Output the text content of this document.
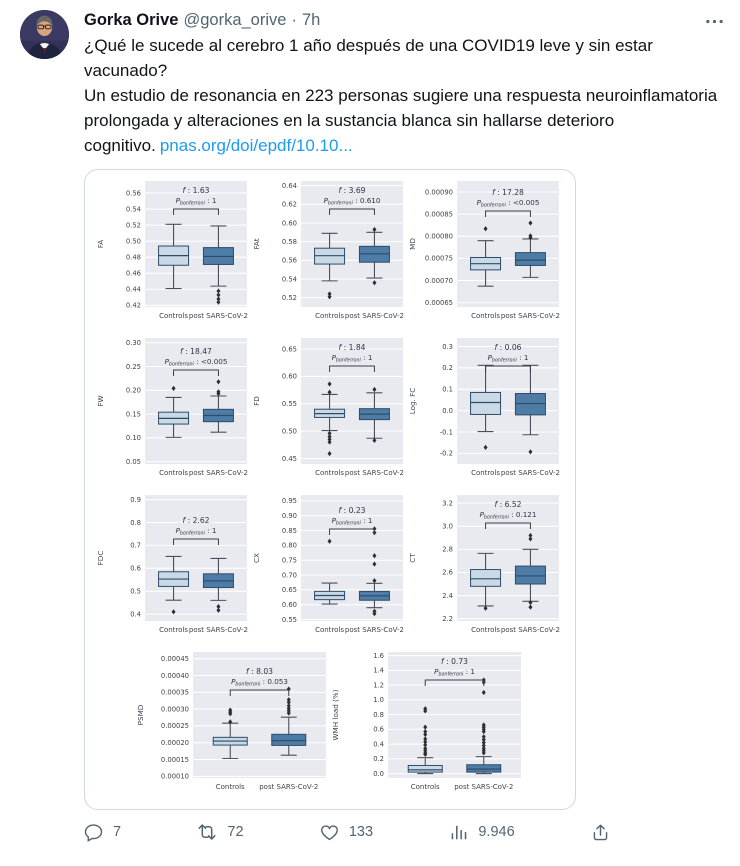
Gorka Orive @gorka_orive · 7h
¿Qué le sucede al cerebro 1 año después de una COVID19 leve y sin estar vacunado?
Un estudio de resonancia en 223 personas sugiere una respuesta neuroinflamatoria prolongada y alteraciones en la sustancia blanca sin hallarse deterioro cognitivo. pnas.org/doi/epdf/10.10...
0.42
0.44
0.46
0.48
0.50
0.52
0.54
0.56
FA
Controls post SARS-CoV-2
f : 1.63
$P_{bonferroni}$ : 1
0.52
0.54
0.56
0.58
0.60
0.62
0.64
FAt
Controls post SARS-CoV-2
f : 3.69
$P_{bonferroni}$ : 0.610
0.00065
0.00070
0.00075
0.00080
0.00085
0.00090
MD
Controls post SARS-CoV-2
f : 17.28
$P_{bonferroni}$ : <0.005
0.05
0.10
0.15
0.20
0.25
0.30
FW
Controls post SARS-CoV-2
f : 18.47
$P_{bonferroni}$ : <0.005
0.45
0.50
0.55
0.60
0.65
FD
Controls post SARS-CoV-2
f : 1.84
$P_{bonferroni}$ : 1
-0.2
-0.1
0.0
0.1
0.2
0.3
Log. FC
Controls post SARS-CoV-2
f : 0.06
$P_{bonferroni}$ : 1
0.4
0.5
0.6
0.7
0.8
0.9
FDC
Controls post SARS-CoV-2
f : 2.62
$P_{bonferroni}$ : 1
0.55
0.60
0.65
0.70
0.75
0.80
0.85
0.90
0.95
CX
Controls post SARS-CoV-2
f : 0.23
$P_{bonferroni}$ : 1
2.2
2.4
2.6
2.8
3.0
3.2
CT
Controls post SARS-CoV-2
f : 6.52
$P_{bonferroni}$ : 0.121
0.00010
0.00015
0.00020
0.00025
0.00030
0.00035
0.00040
0.00045
PSMD
Controls post SARS-CoV-2
f : 8.03
$P_{bonferroni}$ : 0.053
0.0
0.2
0.4
0.6
0.8
1.0
1.2
1.4
1.6
WMH load (%)
Controls post SARS-CoV-2
f : 0.73
$P_{bonferroni}$ : 1
7	72	133	9.946
